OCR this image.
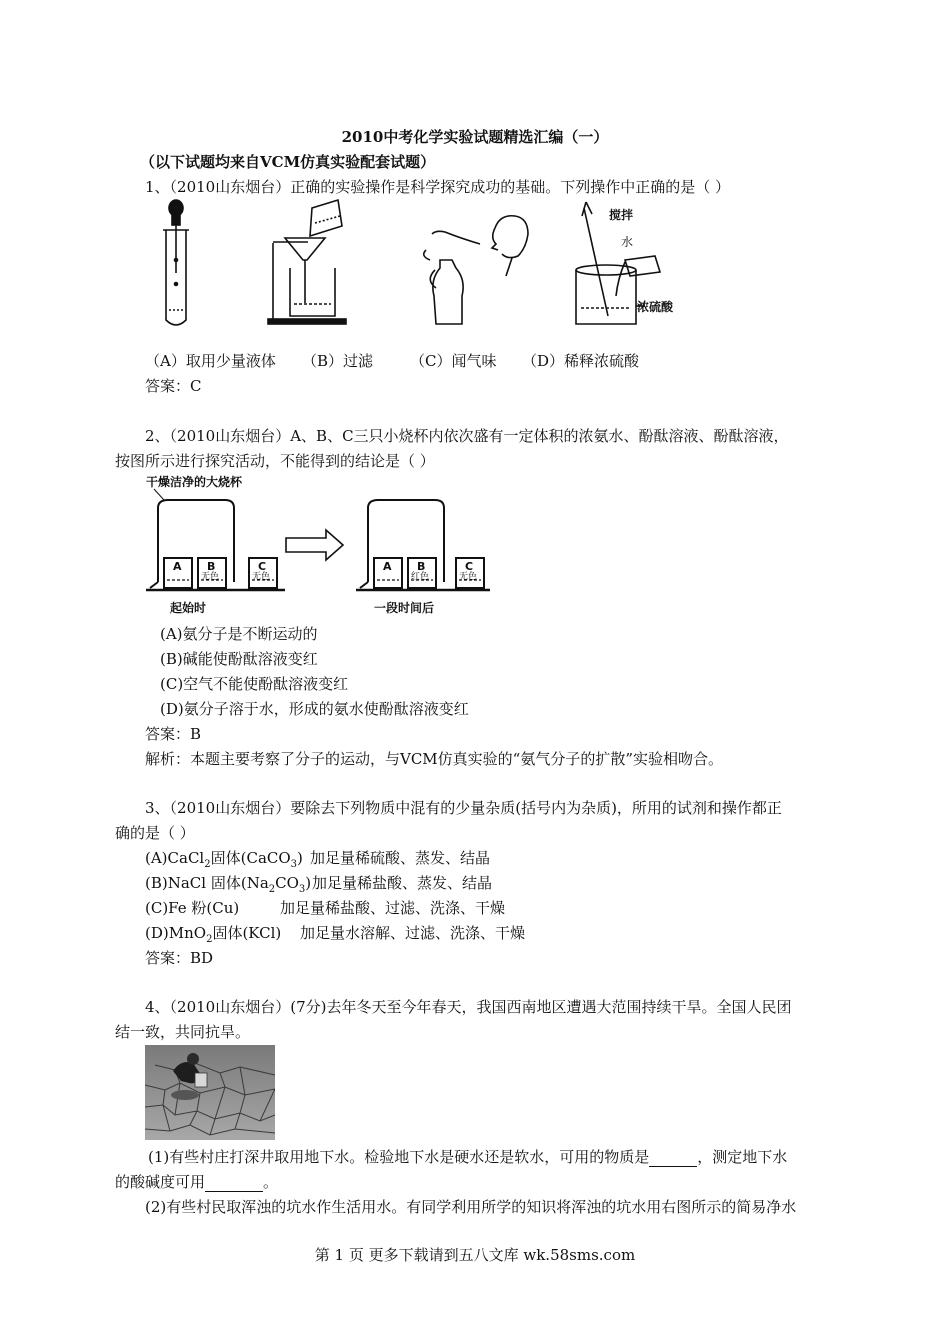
2010中考化学实验试题精选汇编（一）
（以下试题均来自VCM仿真实验配套试题）
1、（2010山东烟台）正确的实验操作是科学探究成功的基础。下列操作中正确的是（ ）
搅拌
水
浓硫酸
（A）取用少量液体 （B）过滤 （C）闻气味 （D）稀释浓硫酸
答案：C
2、（2010山东烟台）A、B、C三只小烧杯内依次盛有一定体积的浓氨水、酚酞溶液、酚酞溶液，
按图所示进行探究活动，不能得到的结论是（ ）
干燥洁净的大烧杯
A B	C	A B	C
无色	无色	红色	无色
起始时	一段时间后
(A)氨分子是不断运动的
(B)碱能使酚酞溶液变红
(C)空气不能使酚酞溶液变红
(D)氨分子溶于水，形成的氨水使酚酞溶液变红
答案：B
解析：本题主要考察了分子的运动，与VCM仿真实验的“氨气分子的扩散”实验相吻合。
3、（2010山东烟台）要除去下列物质中混有的少量杂质(括号内为杂质)，所用的试剂和操作都正
确的是（ ）
(A)CaCl$_2$固体(CaCO$_3$) 加足量稀硫酸、蒸发、结晶
(B)NaCl 固体$(Na_2CO_3)$ 加足量稀盐酸、蒸发、结晶
(C)Fe 粉(Cu)	加足量稀盐酸、过滤、洗涤、干燥
(D)MnO$_2$固体(KCl) 加足量水溶解、过滤、洗涤、干燥
答案：BD
4、（2010山东烟台）(7分)去年冬天至今年春天，我国西南地区遭遇大范围持续干旱。全国人民团
结一致，共同抗旱。
(1)有些村庄打深井取用地下水。检验地下水是硬水还是软水，可用的物质是	，测定地下水
的酸碱度可用	。
(2)有些村民取浑浊的坑水作生活用水。有同学利用所学的知识将浑浊的坑水用右图所示的简易净水
第 1 页 更多下载请到五八文库 wk.58sms.com
